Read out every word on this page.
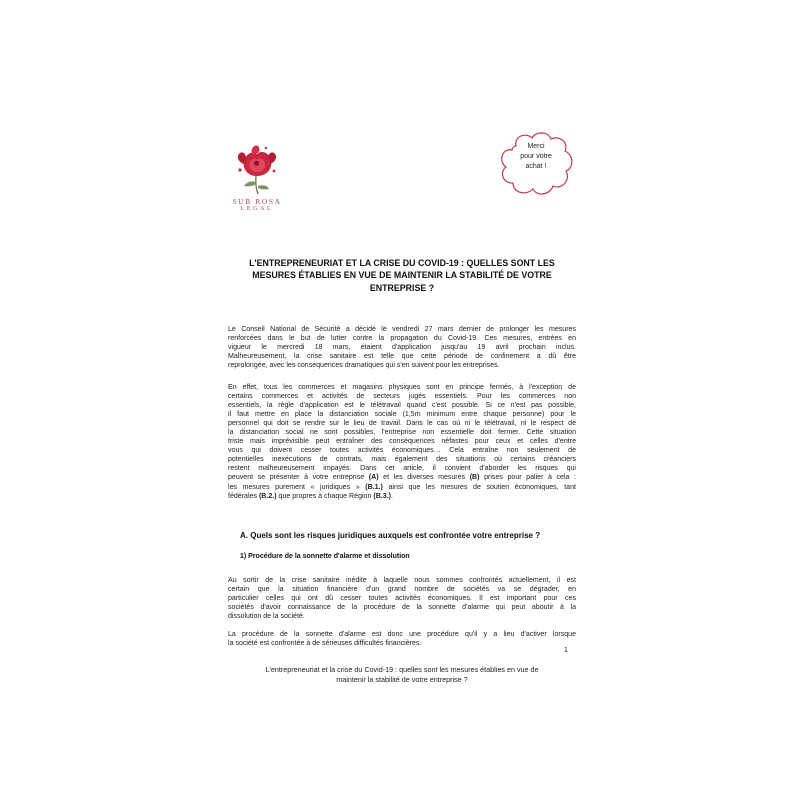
SUB ROSA
LEGAL
Merci
pour votre
achat !
L'ENTREPRENEURIAT ET LA CRISE DU COVID-19 : QUELLES SONT LES
MESURES ÉTABLIES EN VUE DE MAINTENIR LA STABILITÉ DE VOTRE
ENTREPRISE ?
Le Conseil National de Sécurité a décidé le vendredi 27 mars dernier de prolonger les mesures
renforcées dans le but de lutter contre la propagation du Covid-19. Ces mesures, entrées en
vigueur le mercredi 18 mars, étaient d'application jusqu'au 19 avril prochain inclus.
Malheureusement, la crise sanitaire est telle que cette période de confinement a dû être
reprolongée, avec les conséquences dramatiques qui s'en suivent pour les entreprises.
En effet, tous les commerces et magasins physiques sont en principe fermés, à l'exception de
certains commerces et activités de secteurs jugés essentiels. Pour les commerces non
essentiels, la règle d'application est le télétravail quand c'est possible. Si ce n'est pas possible,
il faut mettre en place la distanciation sociale (1,5m minimum entre chaque personne) pour le
personnel qui doit se rendre sur le lieu de travail. Dans le cas où ni le télétravail, ni le respect de
la distanciation social ne sont possibles, l'entreprise non essentielle doit fermer. Cette situation
triste mais imprévisible peut entraîner des conséquences néfastes pour ceux et celles d'entre
vous qui doivent cesser toutes activités économiques… Cela entraîne non seulement de
potentielles inexécutions de contrats, mais également des situations où certains créanciers
restent malheureusement impayés. Dans cet article, il convient d'aborder les risques qui
peuvent se présenter à votre entreprise (A) et les diverses mesures (B) prises pour palier à cela :
les mesures purement « juridiques » (B.1.) ainsi que les mesures de soutien économiques, tant
fédérales (B.2.) que propres à chaque Région (B.3.).
A. Quels sont les risques juridiques auxquels est confrontée votre entreprise ?
1) Procédure de la sonnette d'alarme et dissolution
Au sortir de la crise sanitaire inédite à laquelle nous sommes confrontés actuellement, il est
certain que la situation financière d'un grand nombre de sociétés va se dégrader, en
particulier celles qui ont dû cesser toutes activités économiques. Il est important pour ces
sociétés d'avoir connaissance de la procédure de la sonnette d'alarme qui peut aboutir à la
dissolution de la société.
La procédure de la sonnette d'alarme est donc une procédure qu'il y a lieu d'activer lorsque
la société est confrontée à de sérieuses difficultés financières.
1
L'entrepreneuriat et la crise du Covid-19 : quelles sont les mesures établies en vue de
maintenir la stabilité de votre entreprise ?
